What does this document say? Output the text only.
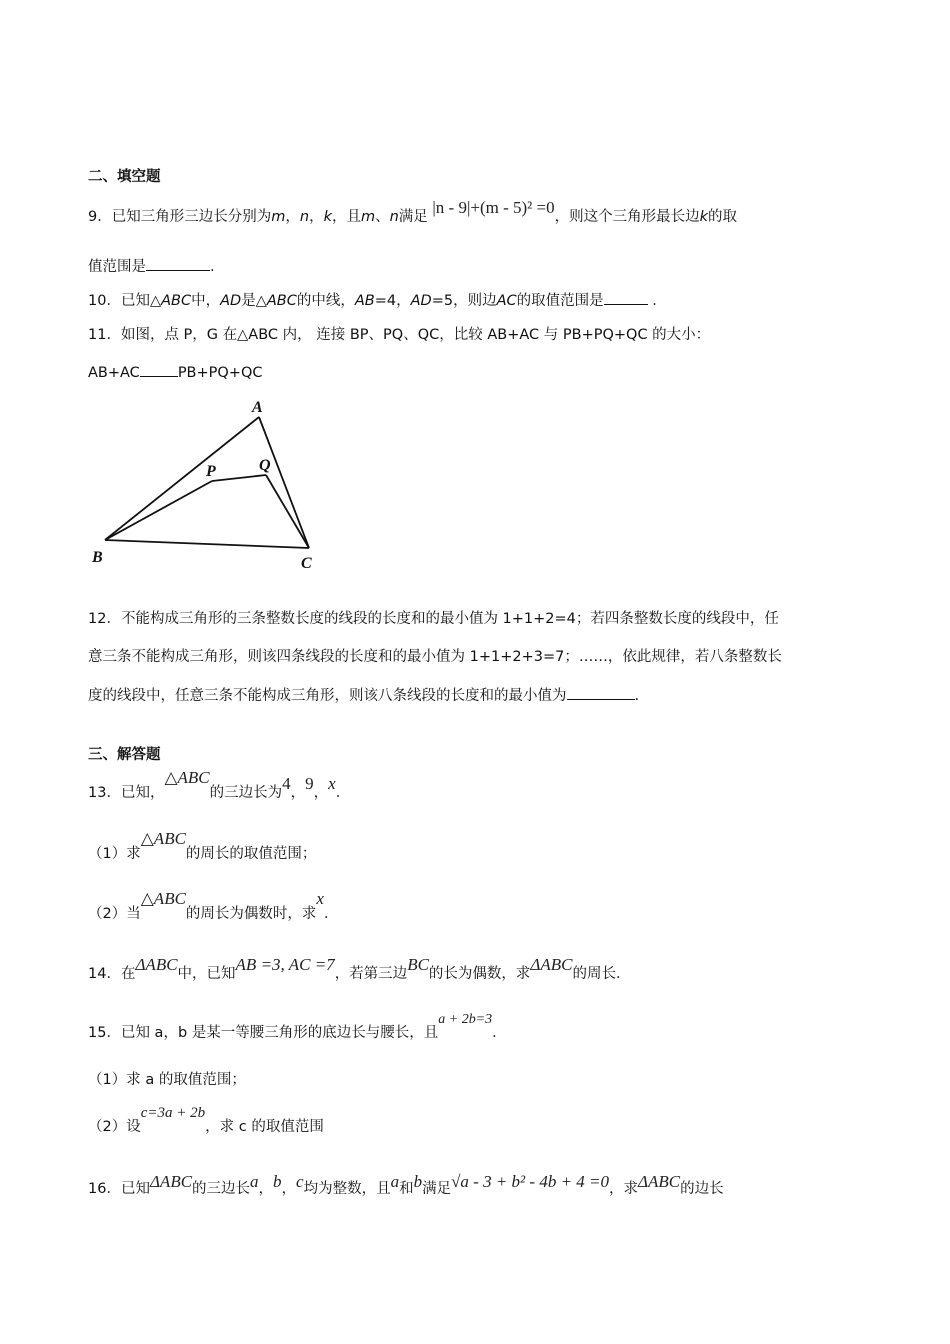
二、填空题
9．已知三角形三边长分别为m，n，k，且m、n满足 |n - 9|+(m - 5)² =0，则这个三角形最长边k的取
值范围是	.
10．已知△ABC中，AD是△ABC的中线，AB=4，AD=5，则边AC的取值范围是	．
11．如图，点 P，G 在△ABC 内， 连接 BP、PQ、QC，比较 AB+AC 与 PB+PQ+QC 的大小：
AB+AC	PB+PQ+QC
A
B	C
P	Q
12．不能构成三角形的三条整数长度的线段的长度和的最小值为 1+1+2=4；若四条整数长度的线段中，任
意三条不能构成三角形，则该四条线段的长度和的最小值为 1+1+2+3=7；……，依此规律，若八条整数长
度的线段中，任意三条不能构成三角形，则该八条线段的长度和的最小值为	.
三、解答题
13．已知，△ABC的三边长为4，9，x．
（1）求△ABC的周长的取值范围；
（2）当△ABC的周长为偶数时，求x．
14．在ΔABC中，已知AB =3, AC =7，若第三边BC的长为偶数，求ΔABC的周长．
15．已知 a，b 是某一等腰三角形的底边长与腰长，且a + 2b=3．
（1）求 a 的取值范围；
（2）设c=3a + 2b，求 c 的取值范围
16．已知ΔABC的三边长a，b，c均为整数，且a和b满足√a - 3 + b² - 4b + 4 =0，求ΔABC的边长
